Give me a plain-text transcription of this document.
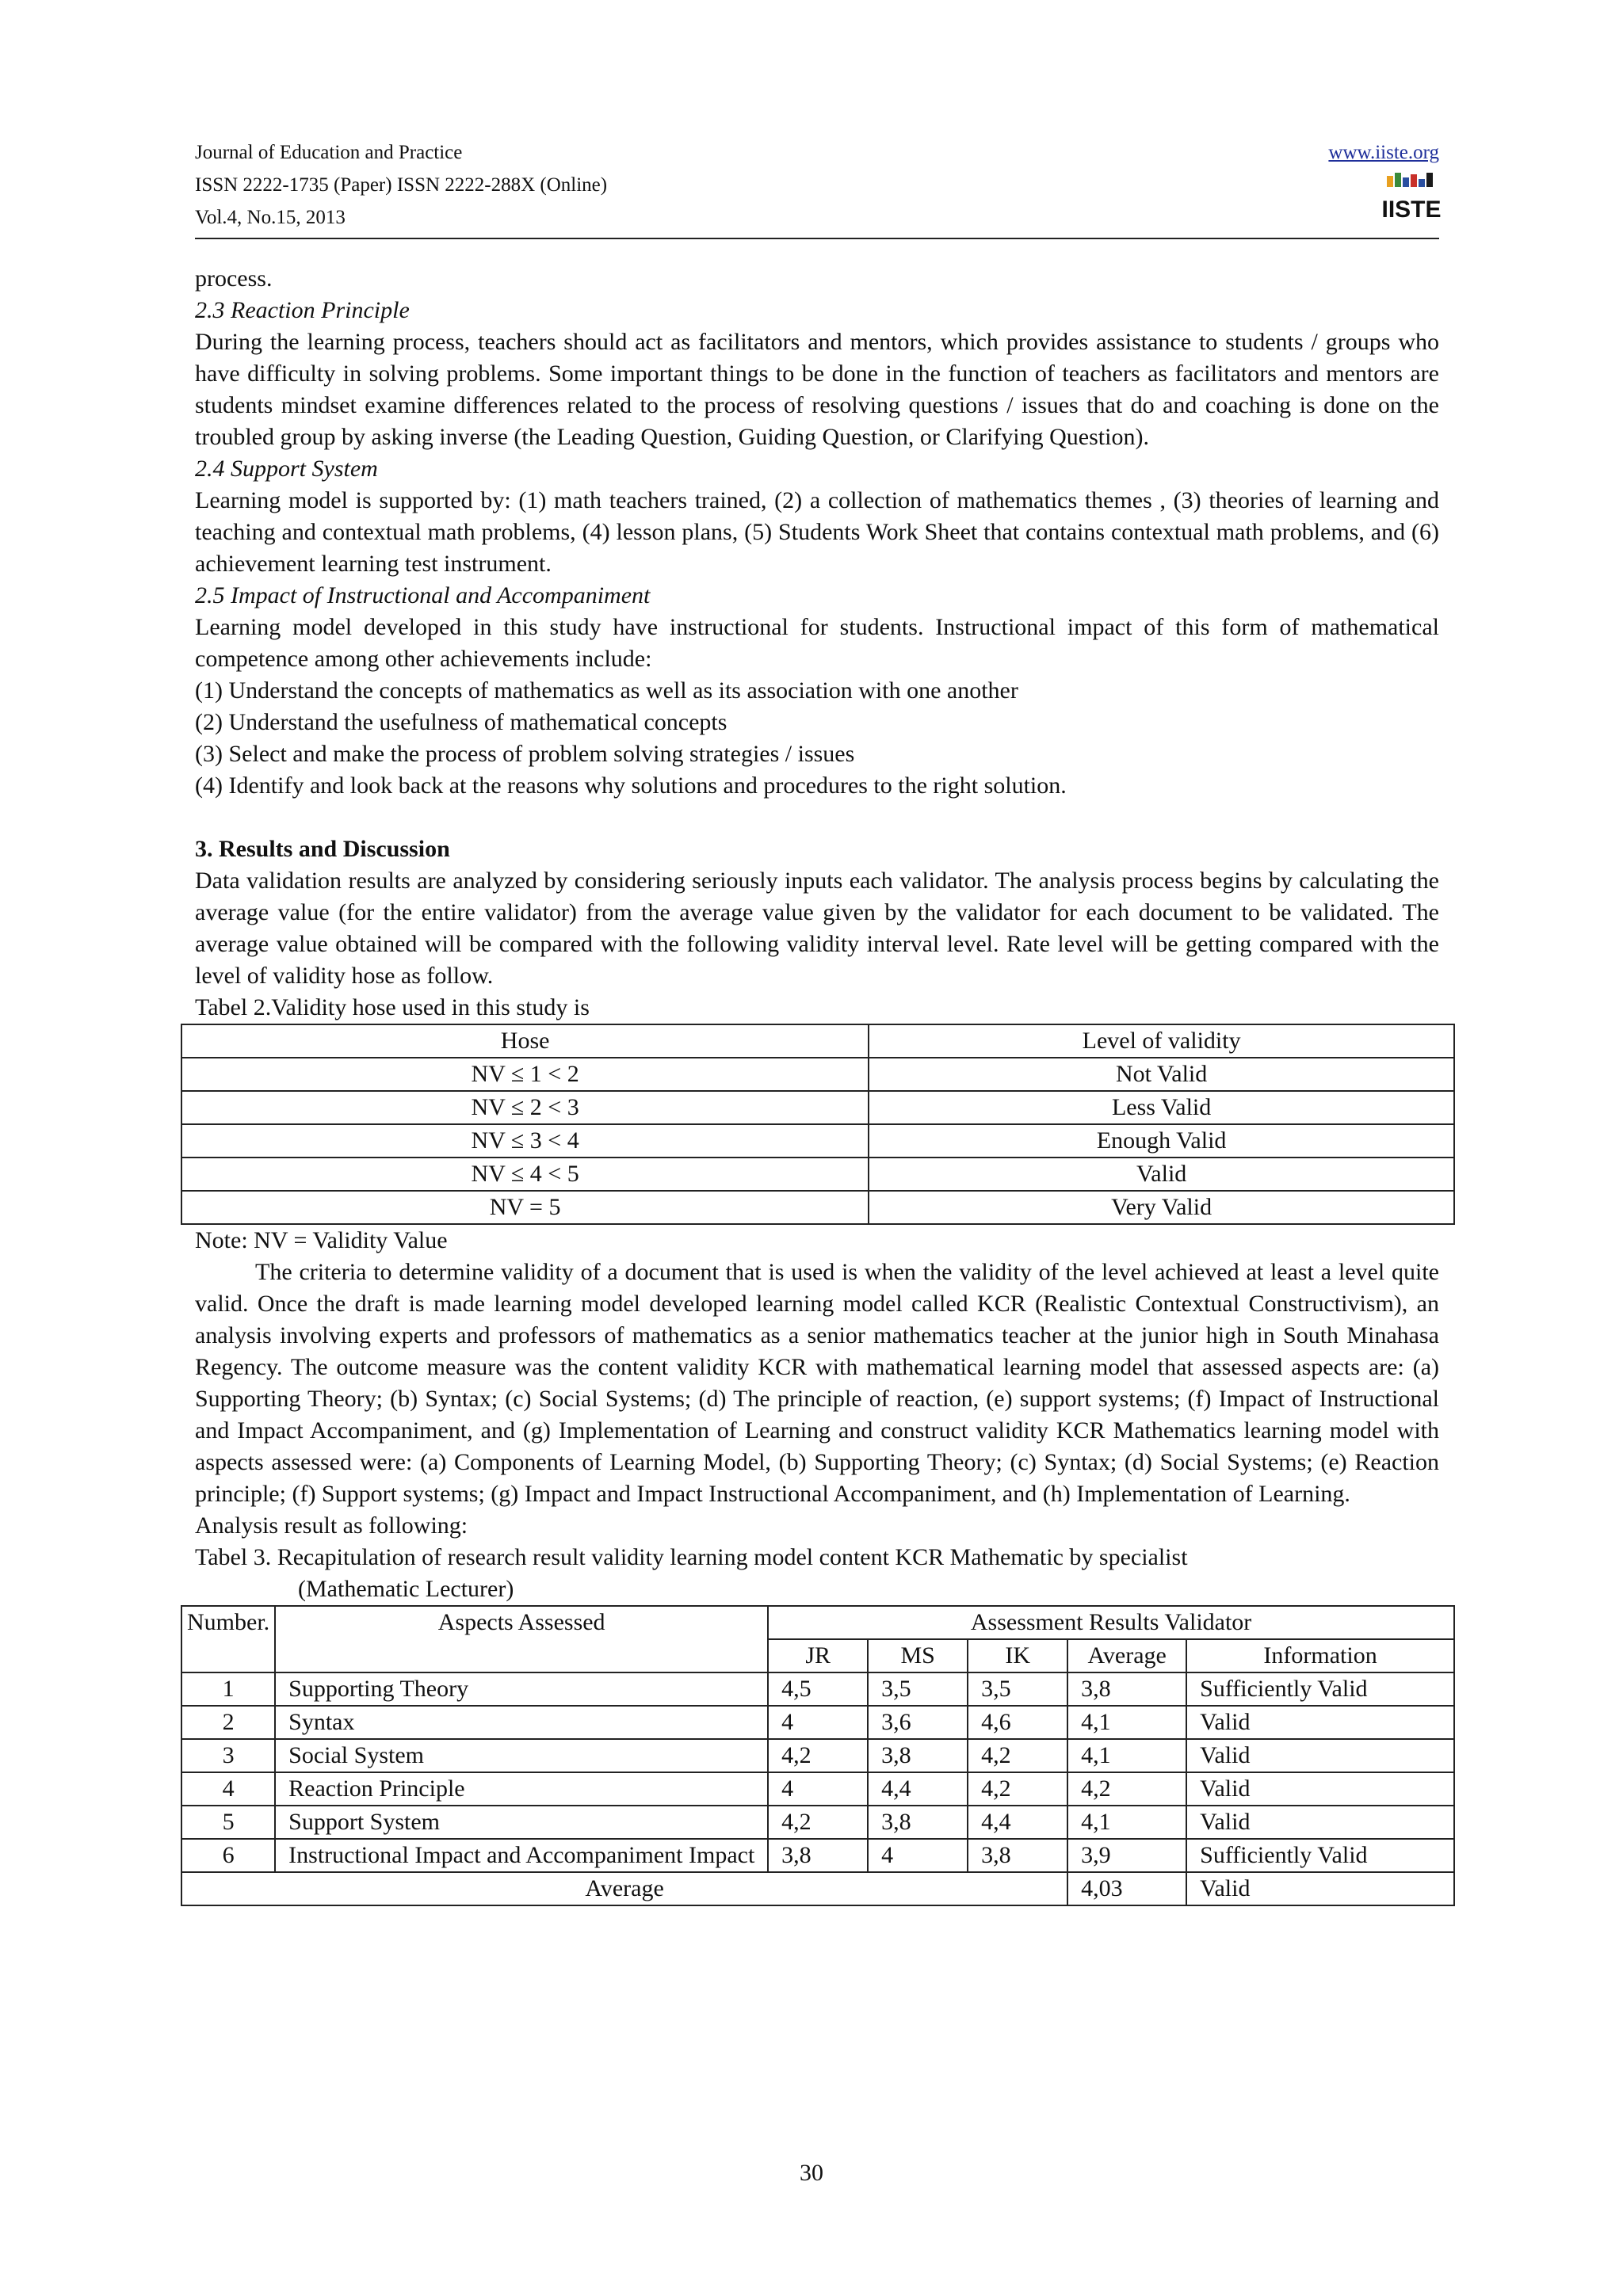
Journal of Education and Practice
ISSN 2222-1735 (Paper) ISSN 2222-288X (Online)
Vol.4, No.15, 2013
www.iiste.org
IISTE

process.

2.3 Reaction Principle

During the learning process, teachers should act as facilitators and mentors, which provides assistance to students / groups who have difficulty in solving problems. Some important things to be done in the function of teachers as facilitators and mentors are students mindset examine differences related to the process of resolving questions / issues that do and coaching is done on the troubled group by asking inverse (the Leading Question, Guiding Question, or Clarifying Question).

2.4 Support System

Learning model is supported by: (1) math teachers trained, (2) a collection of mathematics themes , (3) theories of learning and teaching and contextual math problems, (4) lesson plans, (5) Students Work Sheet that contains contextual math problems, and (6) achievement learning test instrument.

2.5 Impact of Instructional and Accompaniment

Learning model developed in this study have instructional for students. Instructional impact of this form of mathematical competence among other achievements include:

(1) Understand the concepts of mathematics as well as its association with one another

(2) Understand the usefulness of mathematical concepts

(3) Select and make the process of problem solving strategies / issues

(4) Identify and look back at the reasons why solutions and procedures to the right solution.

3. Results and Discussion

Data validation results are analyzed by considering seriously inputs each validator. The analysis process begins by calculating the average value (for the entire validator) from the average value given by the validator for each document to be validated. The average value obtained will be compared with the following validity interval level. Rate level will be getting compared with the level of validity hose as follow.

Tabel 2.Validity hose used in this study is

Hose	Level of validity
NV ≤ 1 < 2	Not Valid
NV ≤ 2 < 3	Less Valid
NV ≤ 3 < 4	Enough Valid
NV ≤ 4 < 5	Valid
NV = 5	Very Valid

Note: NV = Validity Value

The criteria to determine validity of a document that is used is when the validity of the level achieved at least a level quite valid. Once the draft is made learning model developed learning model called KCR (Realistic Contextual Constructivism), an analysis involving experts and professors of mathematics as a senior mathematics teacher at the junior high in South Minahasa Regency. The outcome measure was the content validity KCR with mathematical learning model that assessed aspects are: (a) Supporting Theory; (b) Syntax; (c) Social Systems; (d) The principle of reaction, (e) support systems; (f) Impact of Instructional and Impact Accompaniment, and (g) Implementation of Learning and construct validity KCR Mathematics learning model with aspects assessed were: (a) Components of Learning Model, (b) Supporting Theory; (c) Syntax; (d) Social Systems; (e) Reaction principle; (f) Support systems; (g) Impact and Impact Instructional Accompaniment, and (h) Implementation of Learning.

Analysis result as following:

Tabel 3. Recapitulation of research result validity learning model content KCR Mathematic by specialist

(Mathematic Lecturer)

Number.	Aspects Assessed	Assessment Results Validator				
		JR	MS	IK	Average	Information
1	Supporting Theory	4,5	3,5	3,5	3,8	Sufficiently Valid
2	Syntax	4	3,6	4,6	4,1	Valid
3	Social System	4,2	3,8	4,2	4,1	Valid
4	Reaction Principle	4	4,4	4,2	4,2	Valid
5	Support System	4,2	3,8	4,4	4,1	Valid
6	Instructional Impact and Accompaniment Impact	3,8	4	3,8	3,9	Sufficiently Valid
Average					4,03	Valid
30
